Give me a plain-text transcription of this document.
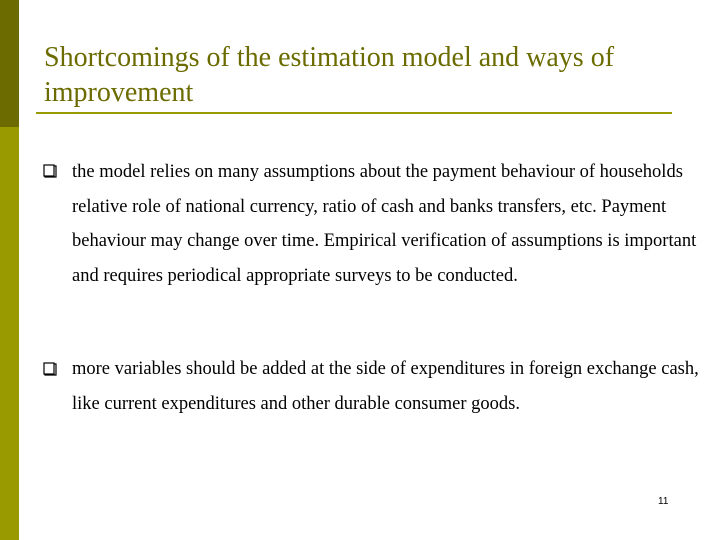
Shortcomings of the estimation model and ways of improvement
the model relies on many assumptions about the payment behaviour of households relative role of national currency, ratio of cash and banks transfers, etc. Payment behaviour may change over time. Empirical verification of assumptions is important and requires periodical appropriate surveys to be conducted.
more variables should be added at the side of expenditures in foreign exchange cash, like current expenditures and other durable consumer goods.
11
